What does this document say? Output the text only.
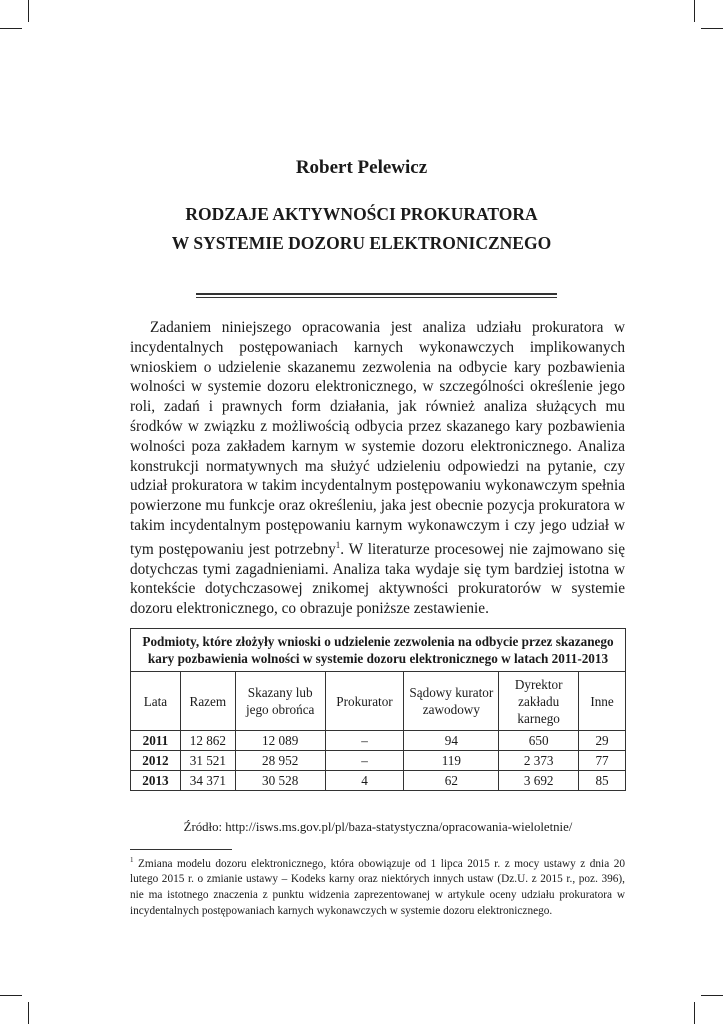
Robert Pelewicz
RODZAJE AKTYWNOŚCI PROKURATORA
W SYSTEMIE DOZORU ELEKTRONICZNEGO

Zadaniem niniejszego opracowania jest analiza udziału prokuratora w incydentalnych postępowaniach karnych wykonawczych implikowanych wnioskiem o udzielenie skazanemu zezwolenia na odbycie kary pozbawienia wolności w systemie dozoru elektronicznego, w szczególności określenie jego roli, zadań i prawnych form działania, jak również analiza służących mu środków w związku z możliwością odbycia przez skazanego kary pozbawienia wolności poza zakładem karnym w systemie dozoru elektronicznego. Analiza konstrukcji normatywnych ma służyć udzieleniu odpowiedzi na pytanie, czy udział prokuratora w takim incydentalnym postępowaniu wykonawczym spełnia powierzone mu funkcje oraz określeniu, jaka jest obecnie pozycja prokuratora w takim incydentalnym postępowaniu karnym wykonawczym i czy jego udział w tym postępowaniu jest potrzebny$^1$. W literaturze procesowej nie zajmowano się dotychczas tymi zagadnieniami. Analiza taka wydaje się tym bardziej istotna w kontekście dotychczasowej znikomej aktywności prokuratorów w systemie dozoru elektronicznego, co obrazuje poniższe zestawienie.

Podmioty, które złożyły wnioski o udzielenie zezwolenia na odbycie przez skazanego kary pozbawienia wolności w systemie dozoru elektronicznego w latach 2011-2013						
Lata	Razem	Skazany lub jego obrońca	Prokurator	Sądowy kurator zawodowy	Dyrektor zakładu karnego	Inne
2011	12 862	12 089	–	94	650	29
2012	31 521	28 952	–	119	2 373	77
2013	34 371	30 528	4	62	3 692	85
Źródło: http://isws.ms.gov.pl/pl/baza-statystyczna/opracowania-wieloletnie/

$^1$ Zmiana modelu dozoru elektronicznego, która obowiązuje od 1 lipca 2015 r. z mocy ustawy z dnia 20 lutego 2015 r. o zmianie ustawy – Kodeks karny oraz niektórych innych ustaw (Dz.U. z 2015 r., poz. 396), nie ma istotnego znaczenia z punktu widzenia zaprezentowanej w artykule oceny udziału prokuratora w incydentalnych postępowaniach karnych wykonawczych w systemie dozoru elektronicznego.
